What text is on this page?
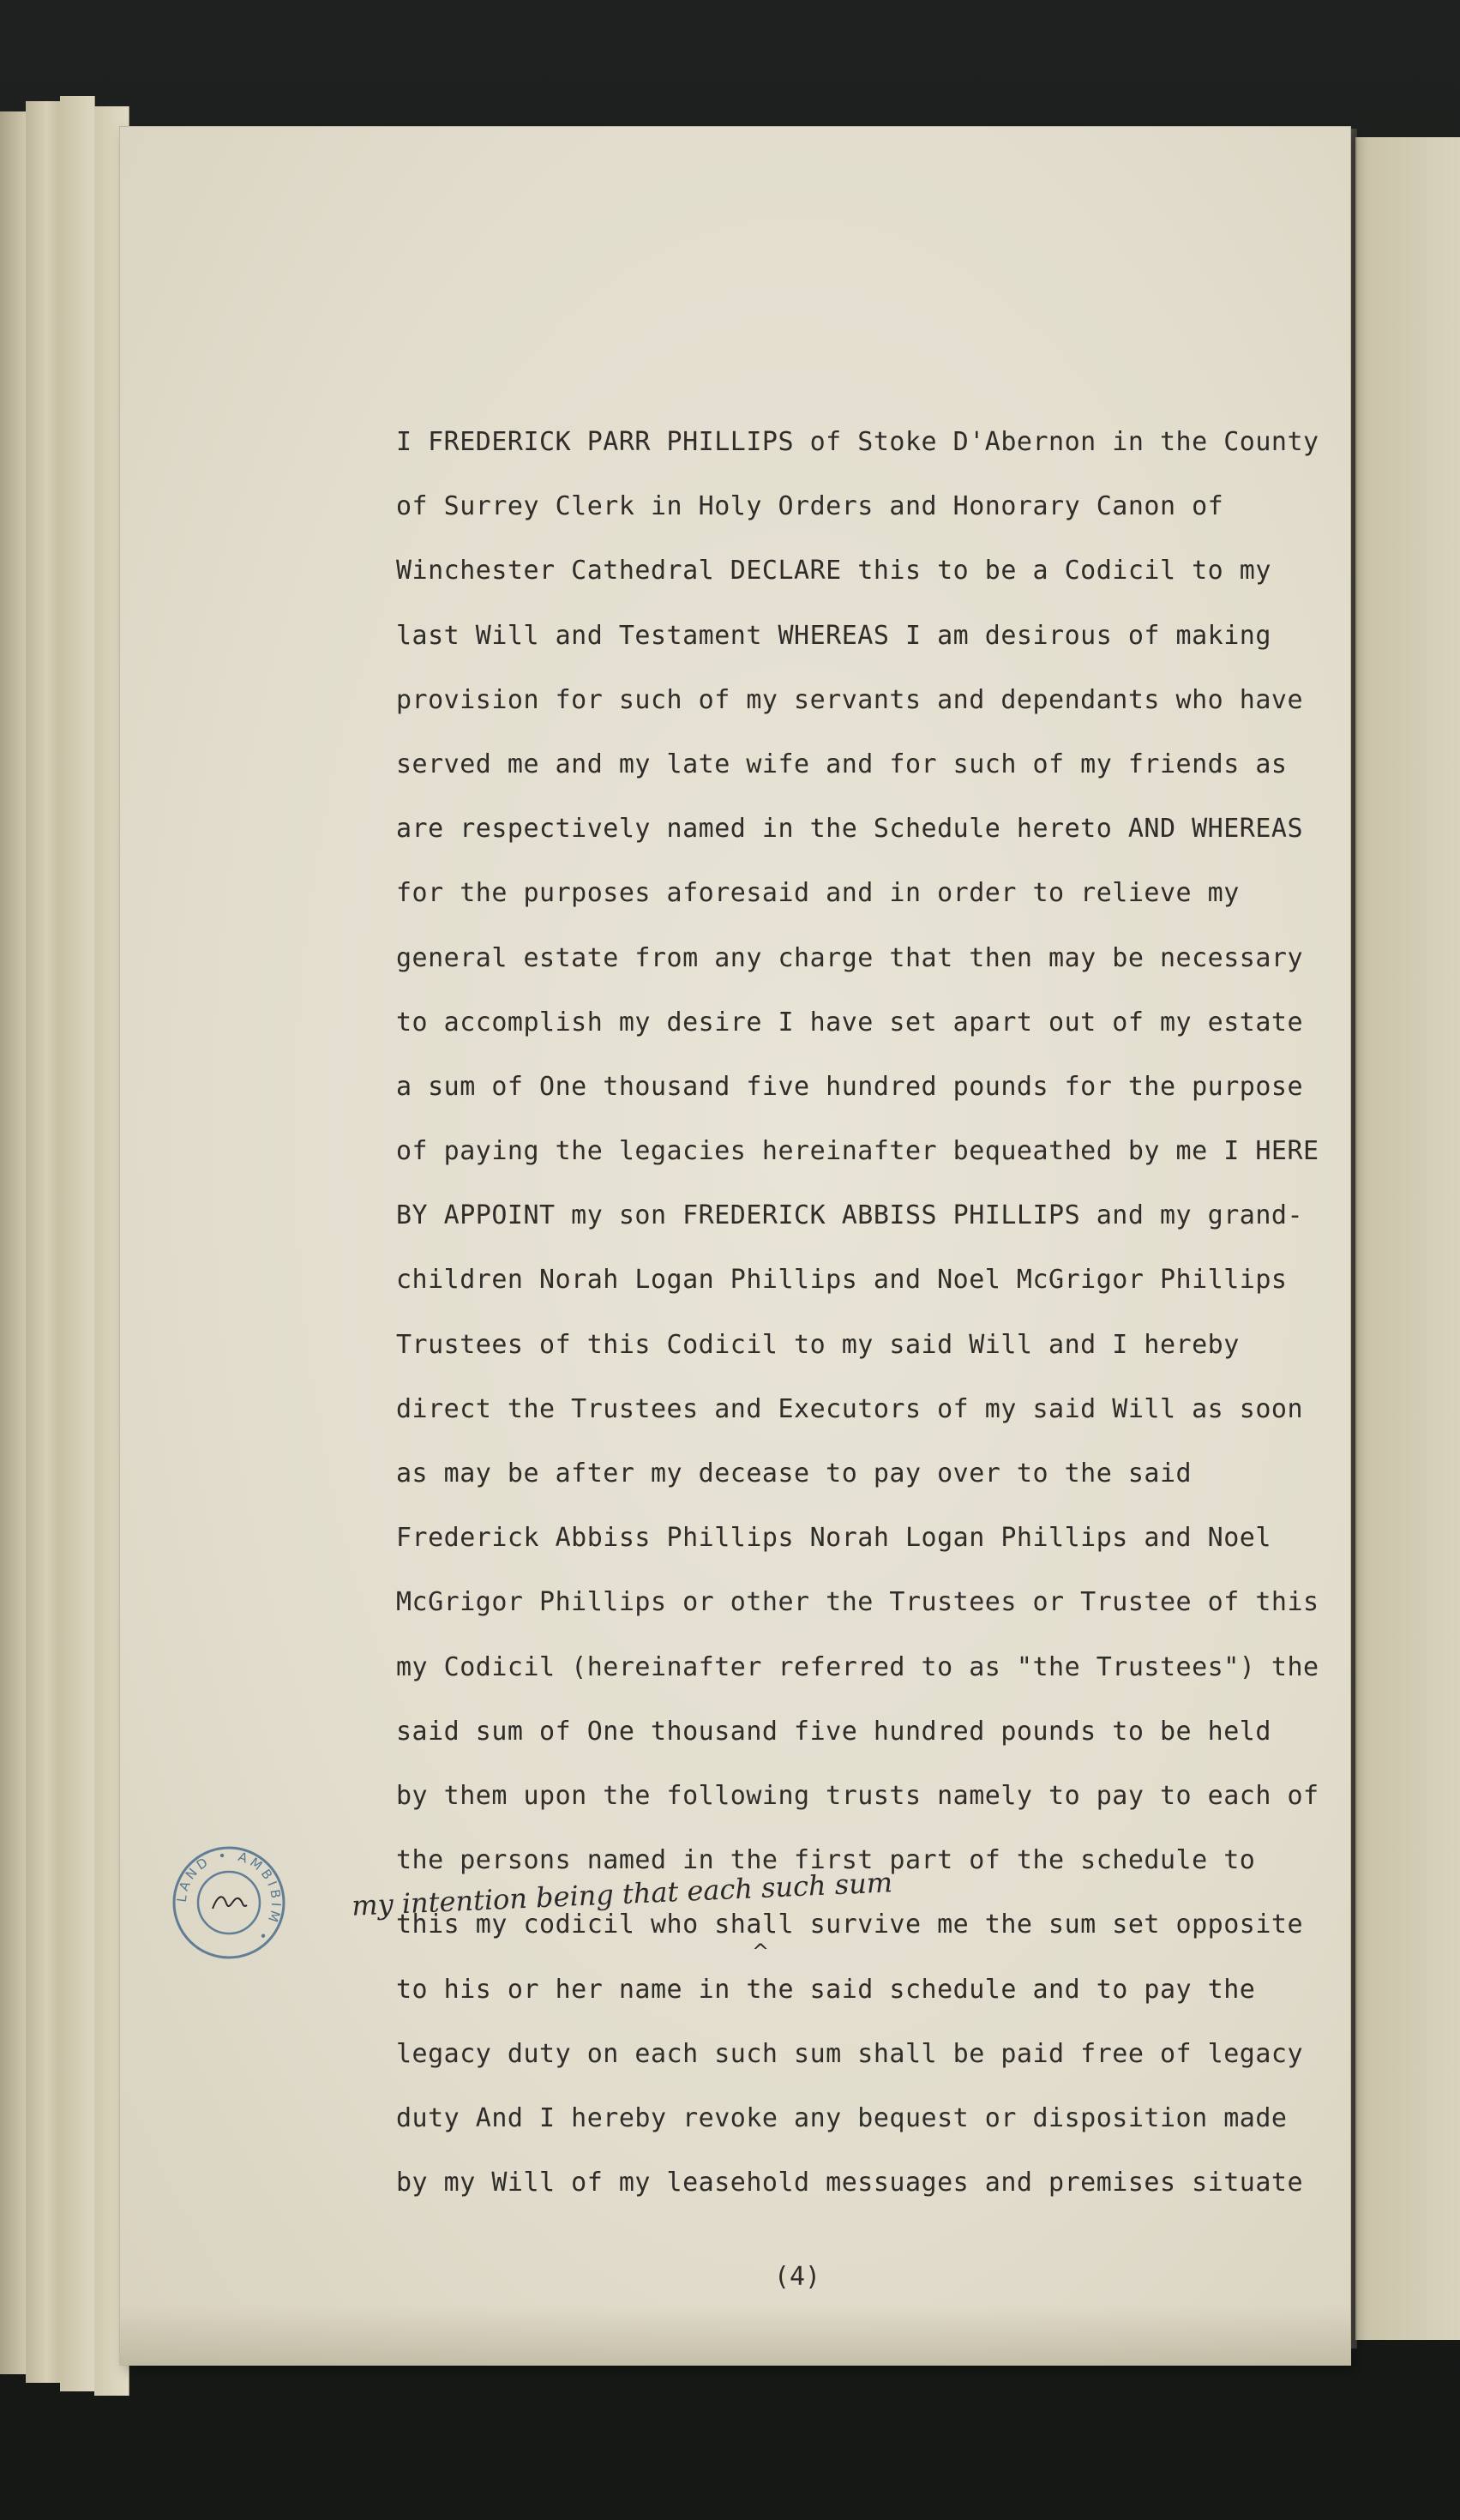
I FREDERICK PARR PHILLIPS of Stoke D'Abernon in the County
of Surrey Clerk in Holy Orders and Honorary Canon of
Winchester Cathedral DECLARE this to be a Codicil to my
last Will and Testament WHEREAS I am desirous of making
provision for such of my servants and dependants who have
served me and my late wife and for such of my friends as
are respectively named in the Schedule hereto AND WHEREAS
for the purposes aforesaid and in order to relieve my
general estate from any charge that then may be necessary
to accomplish my desire I have set apart out of my estate
a sum of One thousand five hundred pounds for the purpose
of paying the legacies hereinafter bequeathed by me I HERE
BY APPOINT my son FREDERICK ABBISS PHILLIPS and my grand-
children Norah Logan Phillips and Noel McGrigor Phillips
Trustees of this Codicil to my said Will and I hereby
direct the Trustees and Executors of my said Will as soon
as may be after my decease to pay over to the said
Frederick Abbiss Phillips Norah Logan Phillips and Noel
McGrigor Phillips or other the Trustees or Trustee of this
my Codicil (hereinafter referred to as "the Trustees") the
said sum of One thousand five hundred pounds to be held
by them upon the following trusts namely to pay to each of
the persons named in the first part of the schedule to
this my codicil who shall survive me the sum set opposite
to his or her name in the said schedule and to pay the
legacy duty on each such sum shall be paid free of legacy
duty And I hereby revoke any bequest or disposition made
by my Will of my leasehold messuages and premises situate
(4)
my intention being that each such sum
^
LAND • AMBIBIM •
